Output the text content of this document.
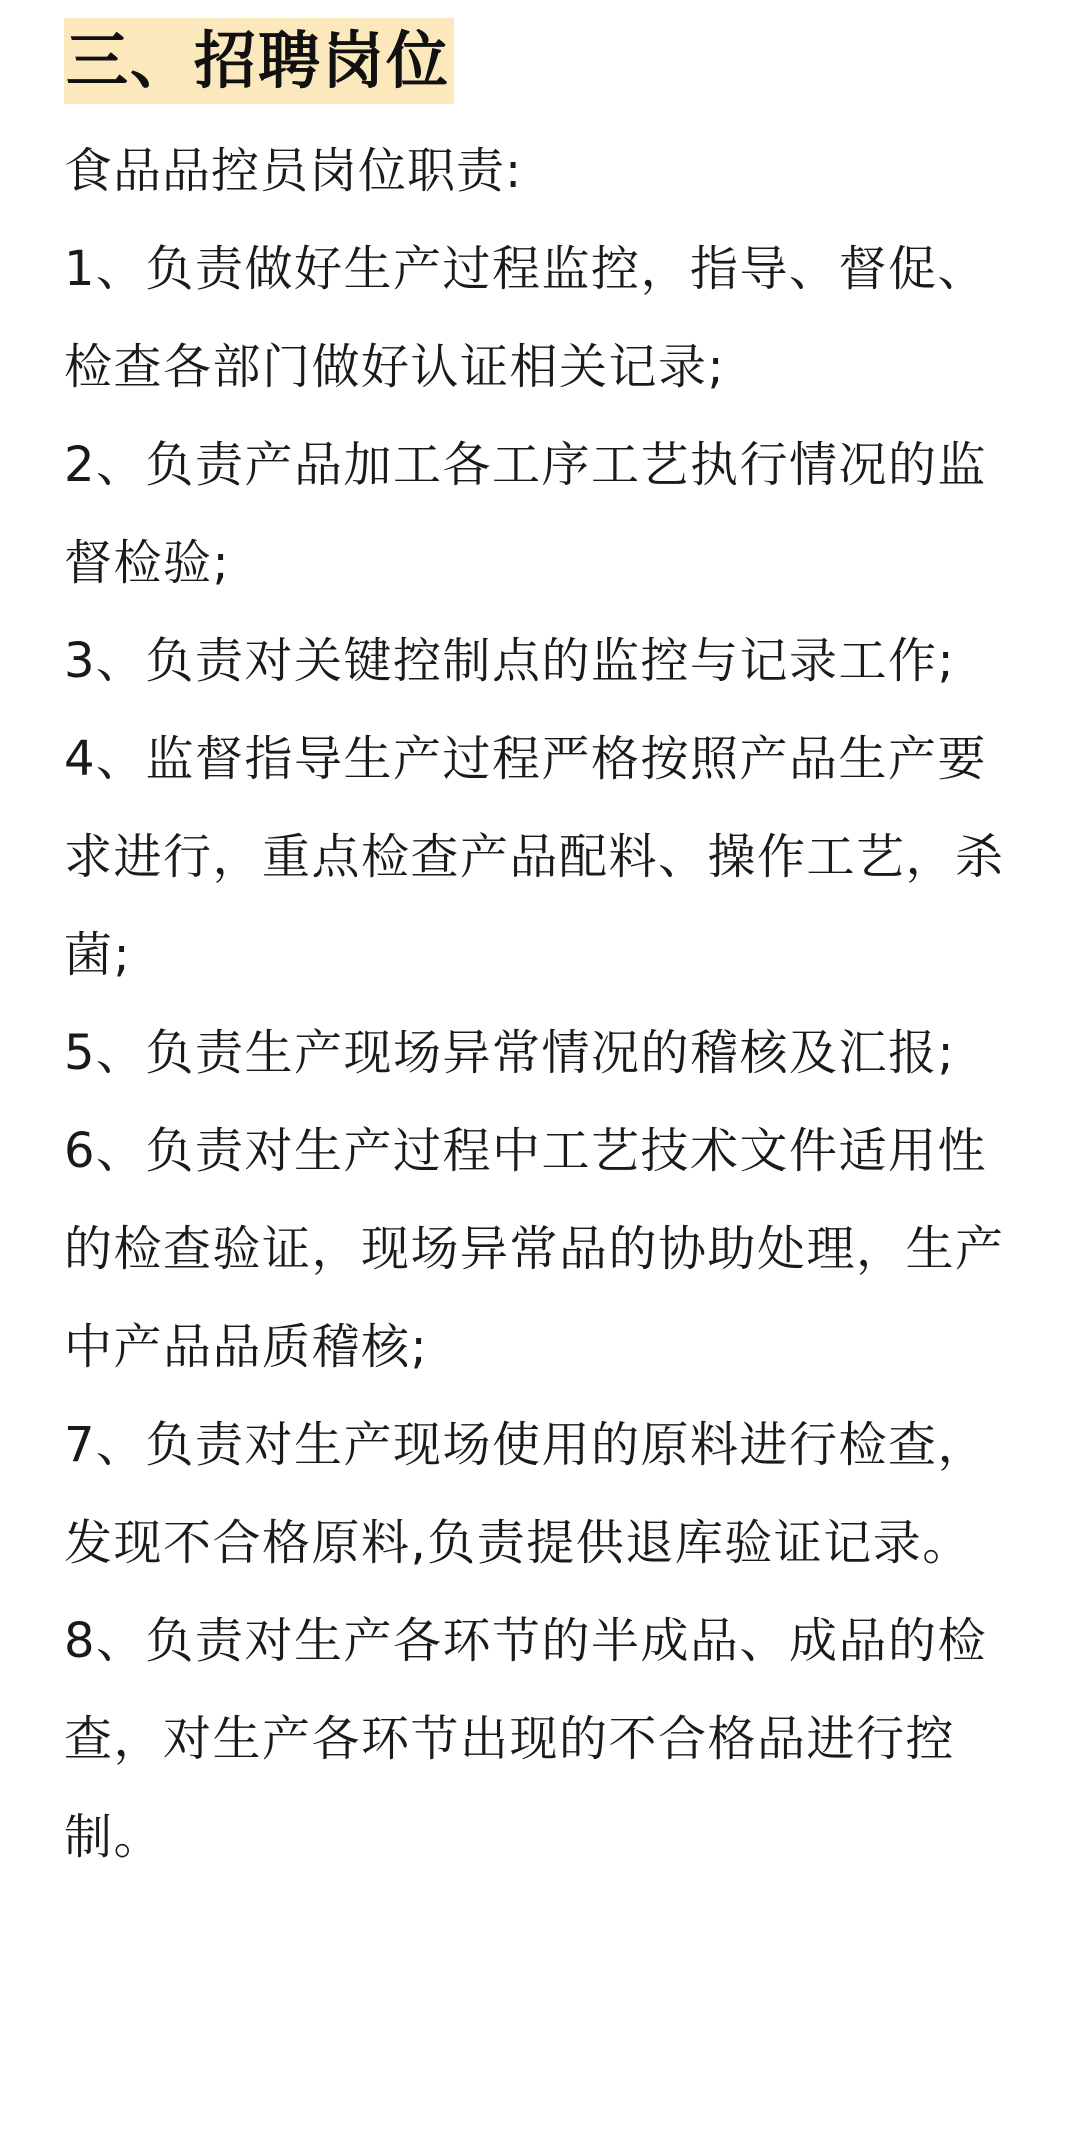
三、招聘岗位

食品品控员岗位职责:

1、负责做好生产过程监控，指导、督促、检查各部门做好认证相关记录;

2、负责产品加工各工序工艺执行情况的监督检验;

3、负责对关键控制点的监控与记录工作;

4、监督指导生产过程严格按照产品生产要求进行，重点检查产品配料、操作工艺，杀菌;

5、负责生产现场异常情况的稽核及汇报;

6、负责对生产过程中工艺技术文件适用性的检查验证，现场异常品的协助处理，生产中产品品质稽核;

7、负责对生产现场使用的原料进行检查，发现不合格原料,负责提供退库验证记录。

8、负责对生产各环节的半成品、成品的检查，对生产各环节出现的不合格品进行控制。
